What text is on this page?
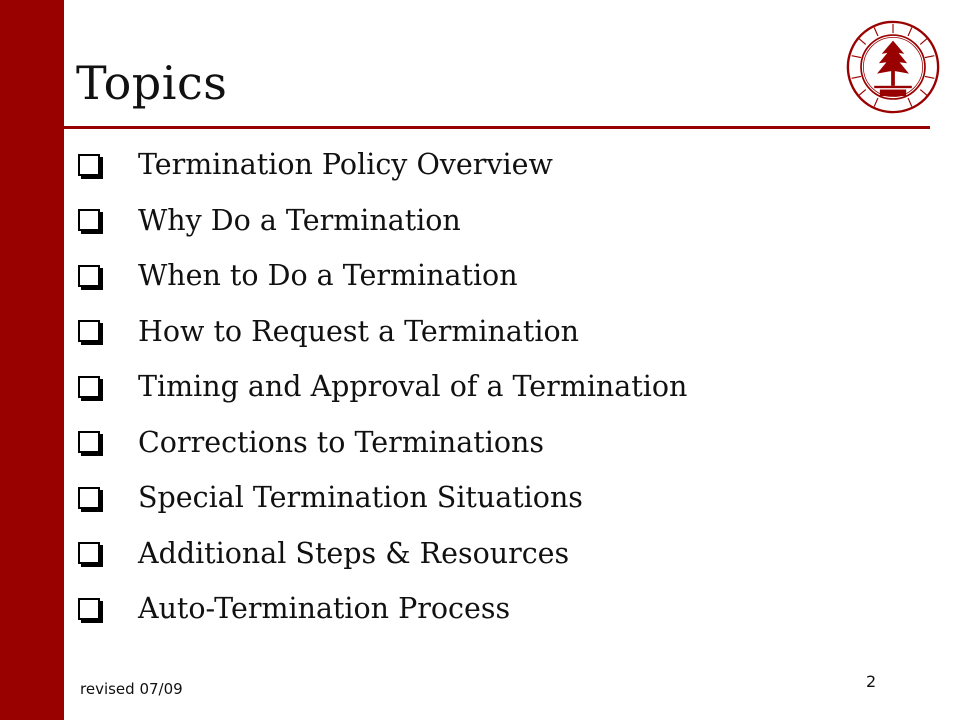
Topics
Termination Policy Overview
Why Do a Termination
When to Do a Termination
How to Request a Termination
Timing and Approval of a Termination
Corrections to Terminations
Special Termination Situations
Additional Steps & Resources
Auto-Termination Process
revised 07/09	2
